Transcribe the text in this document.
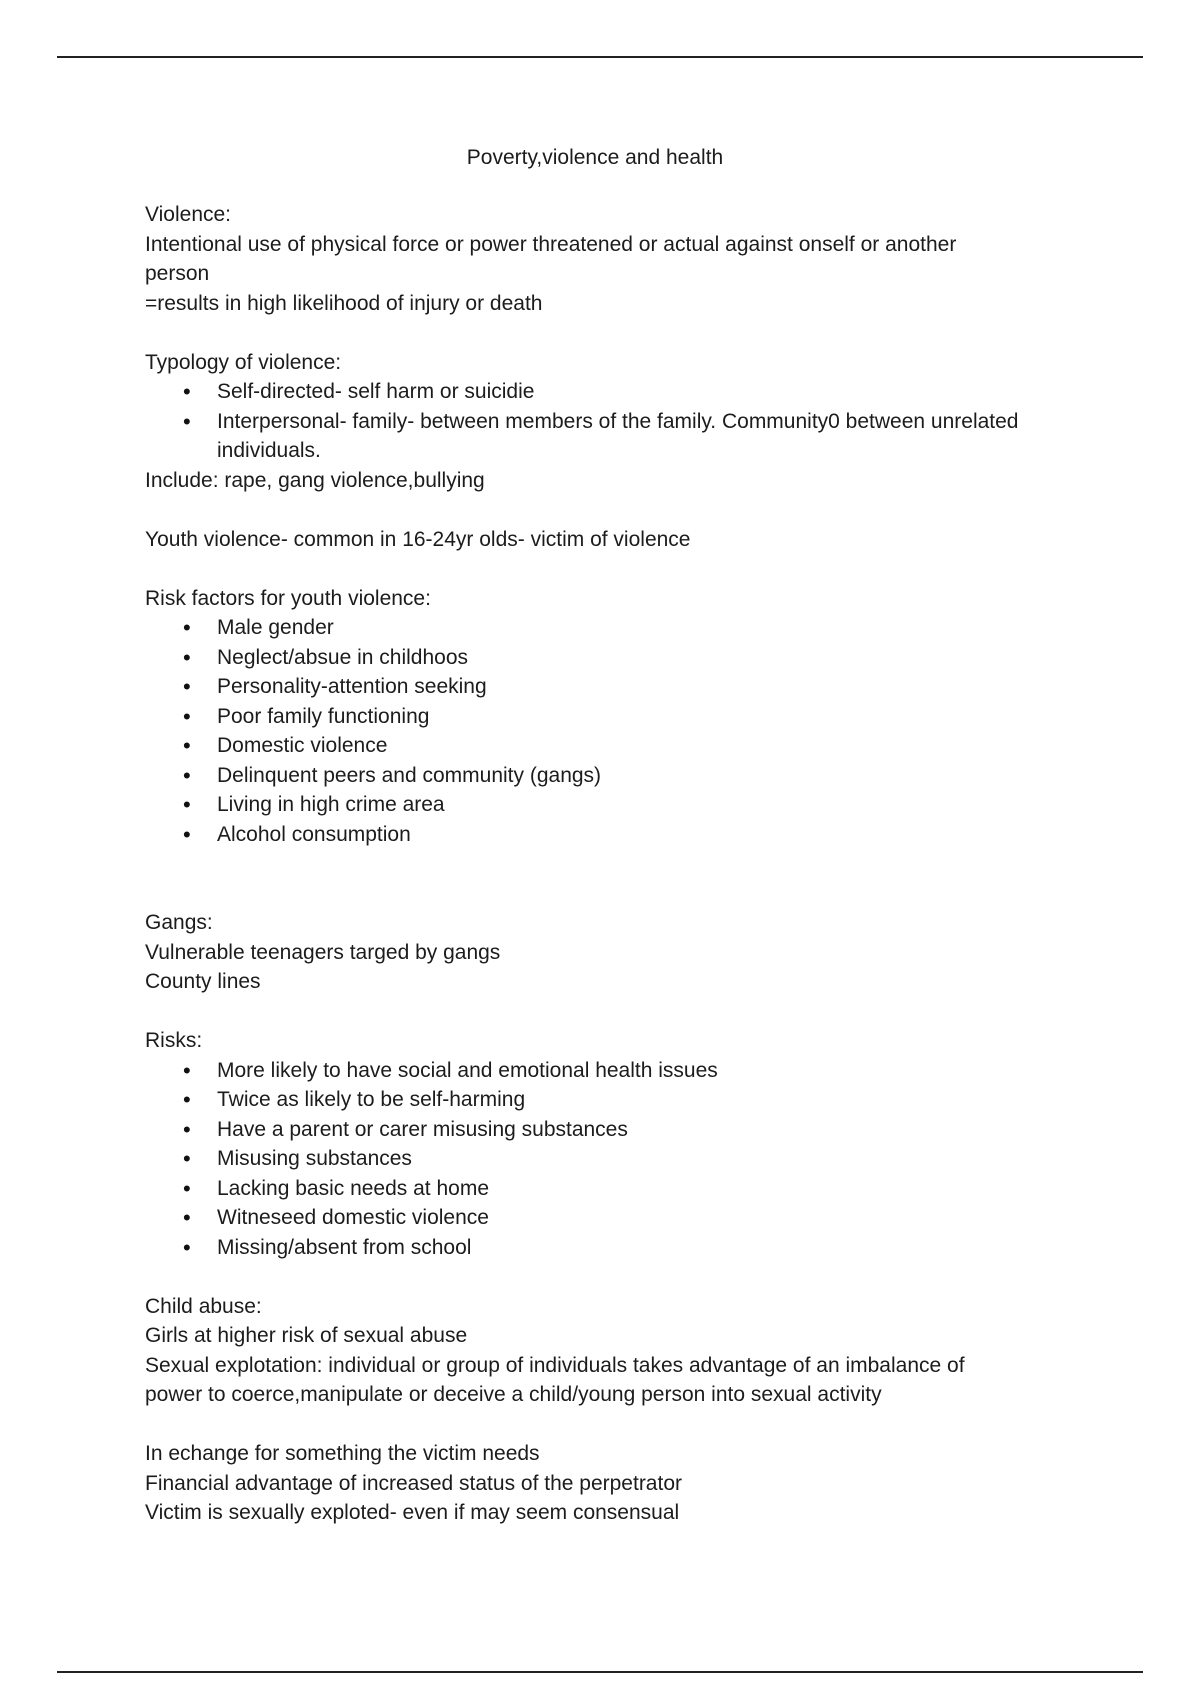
Poverty,violence and health
Violence:
Intentional use of physical force or power threatened or actual against onself or another
person
=results in high likelihood of injury or death
Typology of violence:
• Self-directed- self harm or suicidie
• Interpersonal- family- between members of the family. Community0 between unrelated individuals.
Include: rape, gang violence,bullying
Youth violence- common in 16-24yr olds- victim of violence
Risk factors for youth violence:
• Male gender
• Neglect/absue in childhoos
• Personality-attention seeking
• Poor family functioning
• Domestic violence
• Delinquent peers and community (gangs)
• Living in high crime area
• Alcohol consumption
Gangs:
Vulnerable teenagers targed by gangs
County lines
Risks:
• More likely to have social and emotional health issues
• Twice as likely to be self-harming
• Have a parent or carer misusing substances
• Misusing substances
• Lacking basic needs at home
• Witneseed domestic violence
• Missing/absent from school
Child abuse:
Girls at higher risk of sexual abuse
Sexual explotation: individual or group of individuals takes advantage of an imbalance of
power to coerce,manipulate or deceive a child/young person into sexual activity
In echange for something the victim needs
Financial advantage of increased status of the perpetrator
Victim is sexually exploted- even if may seem consensual
